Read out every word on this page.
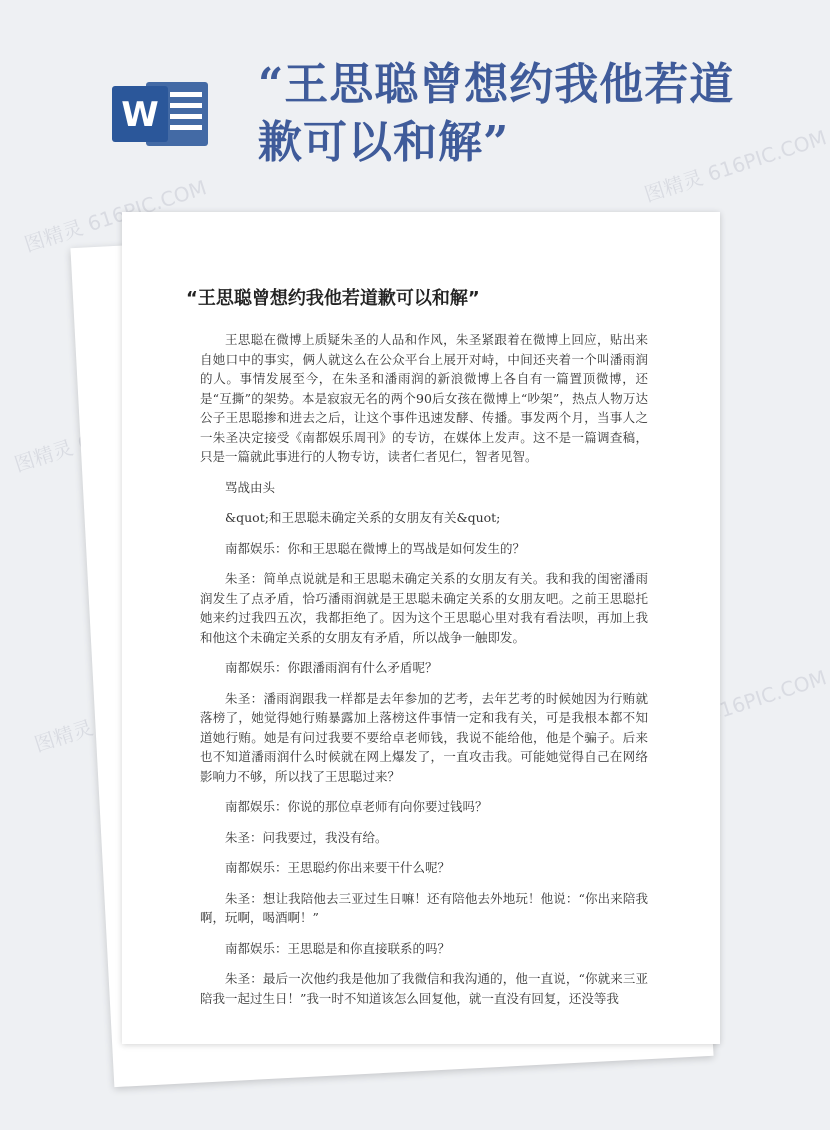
W
“王思聪曾想约我他若道歉可以和解”
图精灵 616PIC.COM
图精灵 616PIC.COM
图精灵
图精灵 616PIC.COM
图精灵
“王思聪曾想约我他若道歉可以和解”

王思聪在微博上质疑朱圣的人品和作风，朱圣紧跟着在微博上回应，贴出来自她口中的事实，俩人就这么在公众平台上展开对峙，中间还夹着一个叫潘雨润的人。事情发展至今，在朱圣和潘雨润的新浪微博上各自有一篇置顶微博，还是“互撕”的架势。本是寂寂无名的两个90后女孩在微博上“吵架”，热点人物万达公子王思聪掺和进去之后，让这个事件迅速发酵、传播。事发两个月，当事人之一朱圣决定接受《南都娱乐周刊》的专访，在媒体上发声。这不是一篇调查稿，只是一篇就此事进行的人物专访，读者仁者见仁，智者见智。

骂战由头

&quot;和王思聪未确定关系的女朋友有关&quot;

南都娱乐：你和王思聪在微博上的骂战是如何发生的？

朱圣：简单点说就是和王思聪未确定关系的女朋友有关。我和我的闺密潘雨润发生了点矛盾，恰巧潘雨润就是王思聪未确定关系的女朋友吧。之前王思聪托她来约过我四五次，我都拒绝了。因为这个王思聪心里对我有看法呗，再加上我和他这个未确定关系的女朋友有矛盾，所以战争一触即发。

南都娱乐：你跟潘雨润有什么矛盾呢？

朱圣：潘雨润跟我一样都是去年参加的艺考，去年艺考的时候她因为行贿就落榜了，她觉得她行贿暴露加上落榜这件事情一定和我有关，可是我根本都不知道她行贿。她是有问过我要不要给卓老师钱，我说不能给他，他是个骗子。后来也不知道潘雨润什么时候就在网上爆发了，一直攻击我。可能她觉得自己在网络影响力不够，所以找了王思聪过来？

南都娱乐：你说的那位卓老师有向你要过钱吗？

朱圣：问我要过，我没有给。

南都娱乐：王思聪约你出来要干什么呢？

朱圣：想让我陪他去三亚过生日嘛！还有陪他去外地玩！他说：“你出来陪我啊，玩啊，喝酒啊！”

南都娱乐：王思聪是和你直接联系的吗？

朱圣：最后一次他约我是他加了我微信和我沟通的，他一直说，“你就来三亚陪我一起过生日！”我一时不知道该怎么回复他，就一直没有回复，还没等我
